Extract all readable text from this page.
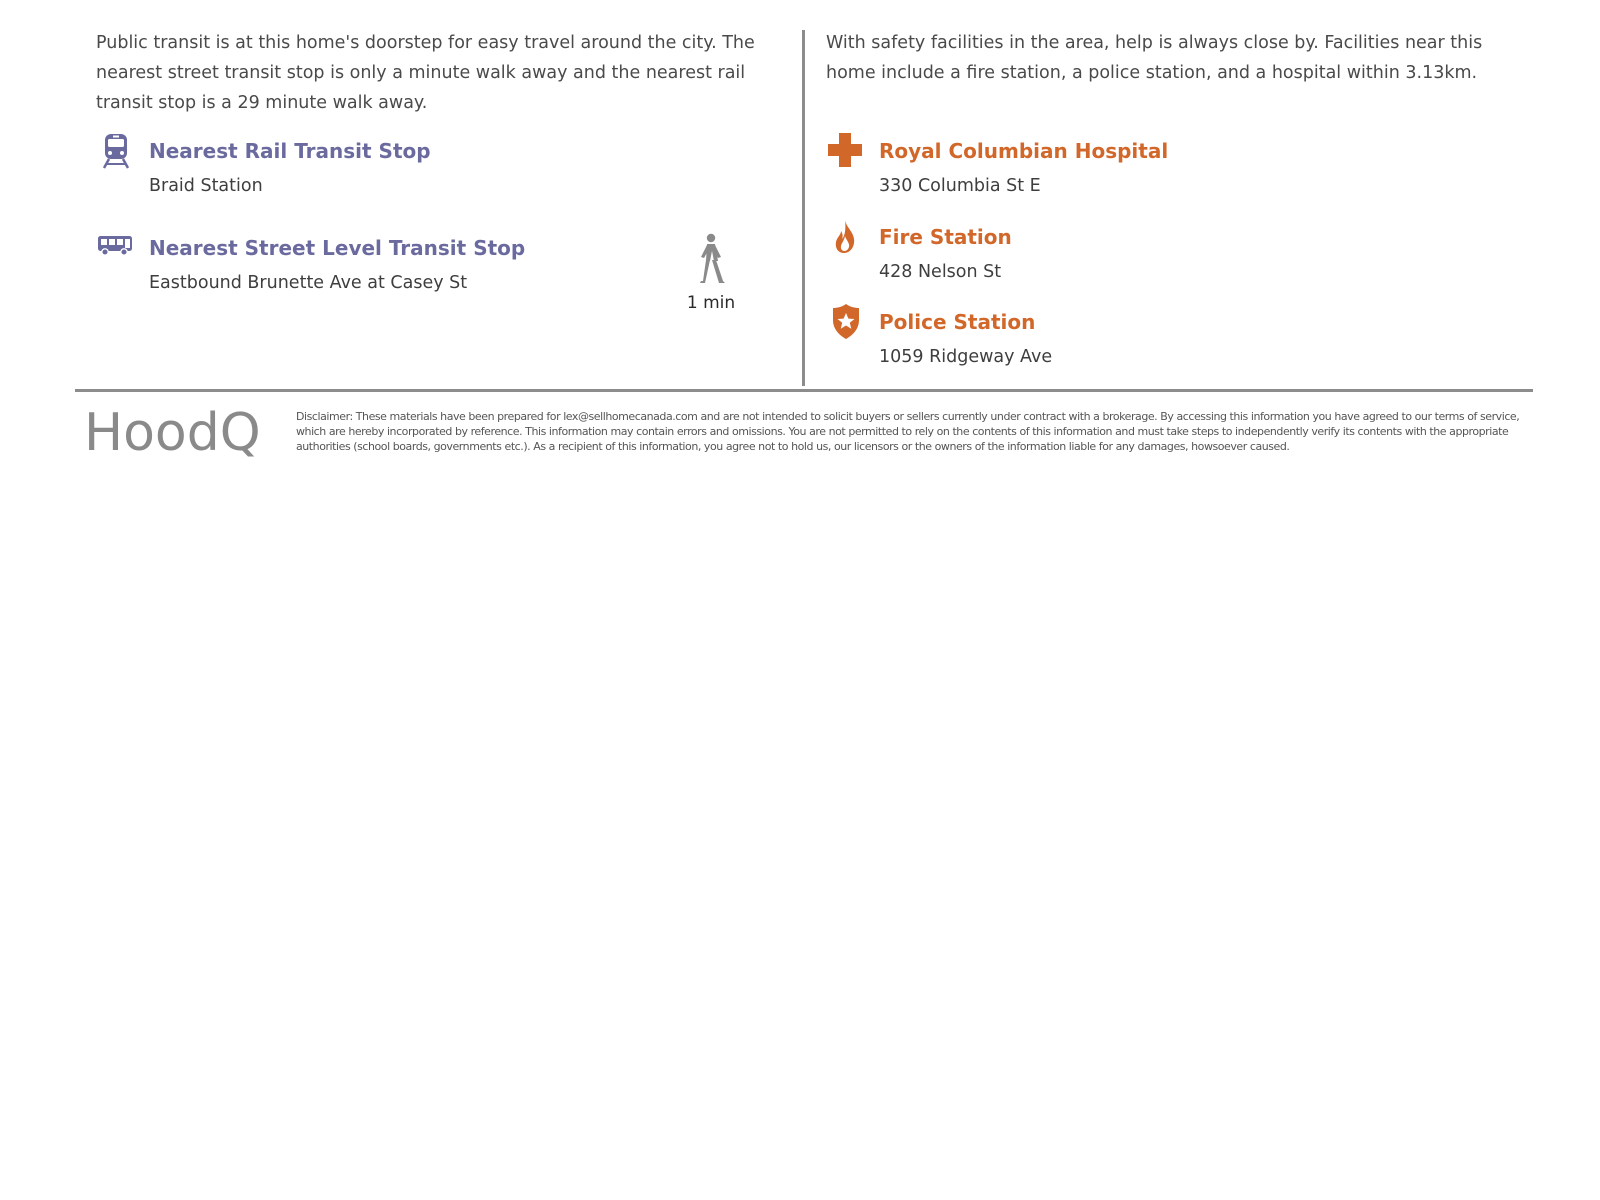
Public transit is at this home's doorstep for easy travel around the city. The nearest street transit stop is only a minute walk away and the nearest rail transit stop is a 29 minute walk away.

Nearest Rail Transit Stop
Braid Station
Nearest Street Level Transit Stop
Eastbound Brunette Ave at Casey St
1 min

With safety facilities in the area, help is always close by. Facilities near this home include a fire station, a police station, and a hospital within 3.13km.

Royal Columbian Hospital
330 Columbia St E
Fire Station
428 Nelson St
Police Station
1059 Ridgeway Ave
HoodQ	Disclaimer: These materials have been prepared for lex@sellhomecanada.com and are not intended to solicit buyers or sellers currently under contract with a brokerage. By accessing this information you have agreed to our terms of service, which are hereby incorporated by reference. This information may contain errors and omissions. You are not permitted to rely on the contents of this information and must take steps to independently verify its contents with the appropriate authorities (school boards, governments etc.). As a recipient of this information, you agree not to hold us, our licensors or the owners of the information liable for any damages, howsoever caused.
